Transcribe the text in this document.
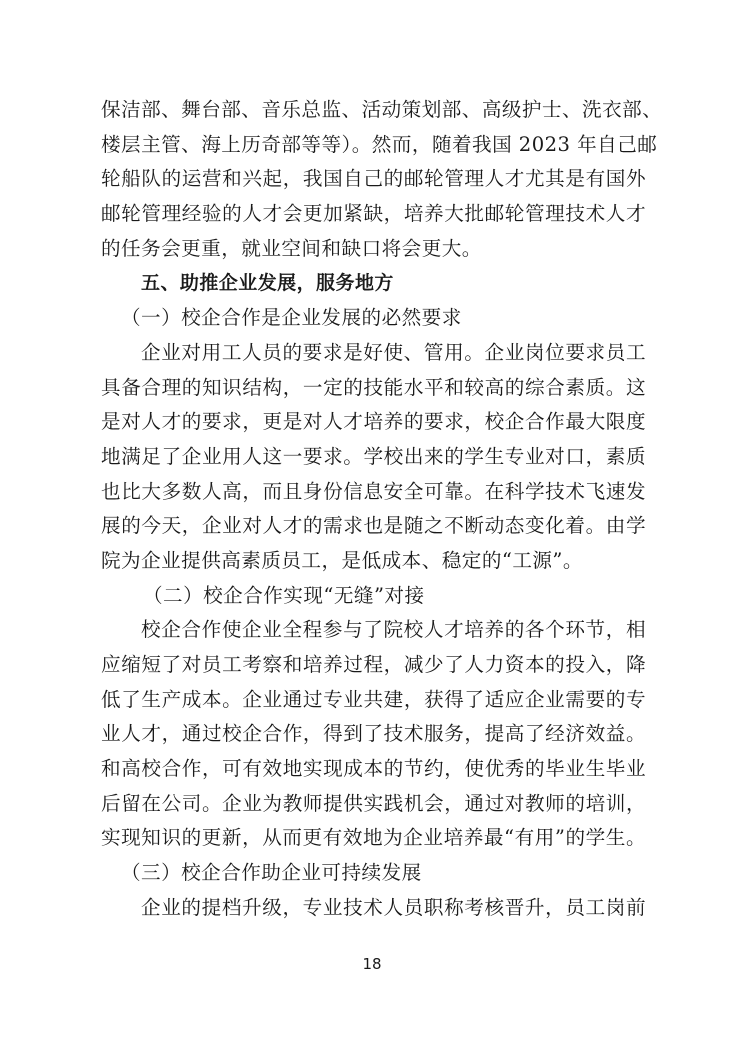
保洁部、舞台部、音乐总监、活动策划部、高级护士、洗衣部、
楼层主管、海上历奇部等等）。然而，随着我国 2023 年自己邮
轮船队的运营和兴起，我国自己的邮轮管理人才尤其是有国外
邮轮管理经验的人才会更加紧缺，培养大批邮轮管理技术人才
的任务会更重，就业空间和缺口将会更大。
五、助推企业发展，服务地方
（一）校企合作是企业发展的必然要求
企业对用工人员的要求是好使、管用。企业岗位要求员工
具备合理的知识结构，一定的技能水平和较高的综合素质。这
是对人才的要求，更是对人才培养的要求，校企合作最大限度
地满足了企业用人这一要求。学校出来的学生专业对口，素质
也比大多数人高，而且身份信息安全可靠。在科学技术飞速发
展的今天，企业对人才的需求也是随之不断动态变化着。由学
院为企业提供高素质员工，是低成本、稳定的“工源”。
（二）校企合作实现“无缝”对接
校企合作使企业全程参与了院校人才培养的各个环节，相
应缩短了对员工考察和培养过程，减少了人力资本的投入，降
低了生产成本。企业通过专业共建，获得了适应企业需要的专
业人才，通过校企合作，得到了技术服务，提高了经济效益。
和高校合作，可有效地实现成本的节约，使优秀的毕业生毕业
后留在公司。企业为教师提供实践机会，通过对教师的培训，
实现知识的更新，从而更有效地为企业培养最“有用”的学生。
（三）校企合作助企业可持续发展
企业的提档升级，专业技术人员职称考核晋升，员工岗前
18
